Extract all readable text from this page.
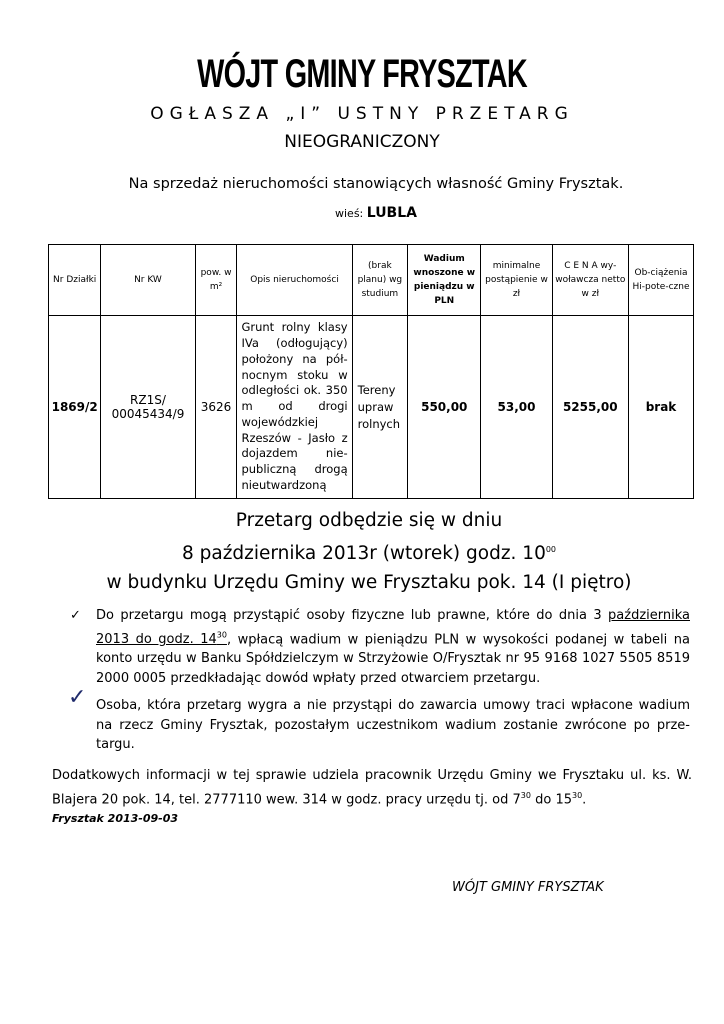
WÓJT GMINY FRYSZTAK
OGŁASZA „I” USTNY PRZETARG
NIEOGRANICZONY
Na sprzedaż nieruchomości stanowiących własność Gminy Frysztak.
wieś: LUBLA
Nr Działki	Nr KW	pow. w m²	Opis nieruchomości	(brak planu) wg studium	Wadium wnoszone w pieniądzu w PLN	minimalne postąpienie w zł	C E N A wy-woławcza netto w zł	Ob-ciążenia Hi-pote-czne
1869/2	RZ1S/ 00045434/9	3626	Grunt rolny klasy IVa (odłogujący) położony na pół-nocnym stoku w odległości ok. 350 m od drogi wojewódzkiej Rzeszów - Jasło z dojazdem nie-publiczną drogą nieutwardzoną	Tereny upraw rolnych	550,00	53,00	5255,00	brak
Przetarg odbędzie się w dniu
8 października 2013r (wtorek) godz. $10^{00}$
w budynku Urzędu Gminy we Frysztaku pok. 14 (I piętro)
✓ Do przetargu mogą przystąpić osoby fizyczne lub prawne, które do dnia 3 października 2013 do godz. $14^{30}$, wpłacą wadium w pieniądzu PLN w wysokości podanej w tabeli na konto urzędu w Banku Spółdzielczym w Strzyżowie O/Frysztak nr 95 9168 1027 5505 8519 2000 0005 przedkładając dowód wpłaty przed otwarciem przetargu.
✓ Osoba, która przetarg wygra a nie przystąpi do zawarcia umowy traci wpłacone wadium na rzecz Gminy Frysztak, pozostałym uczestnikom wadium zostanie zwrócone po prze-targu.
Dodatkowych informacji w tej sprawie udziela pracownik Urzędu Gminy we Frysztaku ul. ks. W. Blajera 20 pok. 14, tel. 2777110 wew. 314 w godz. pracy urzędu tj. od $7^{30}$ do $15^{30}$.
Frysztak 2013-09-03
WÓJT GMINY FRYSZTAK
